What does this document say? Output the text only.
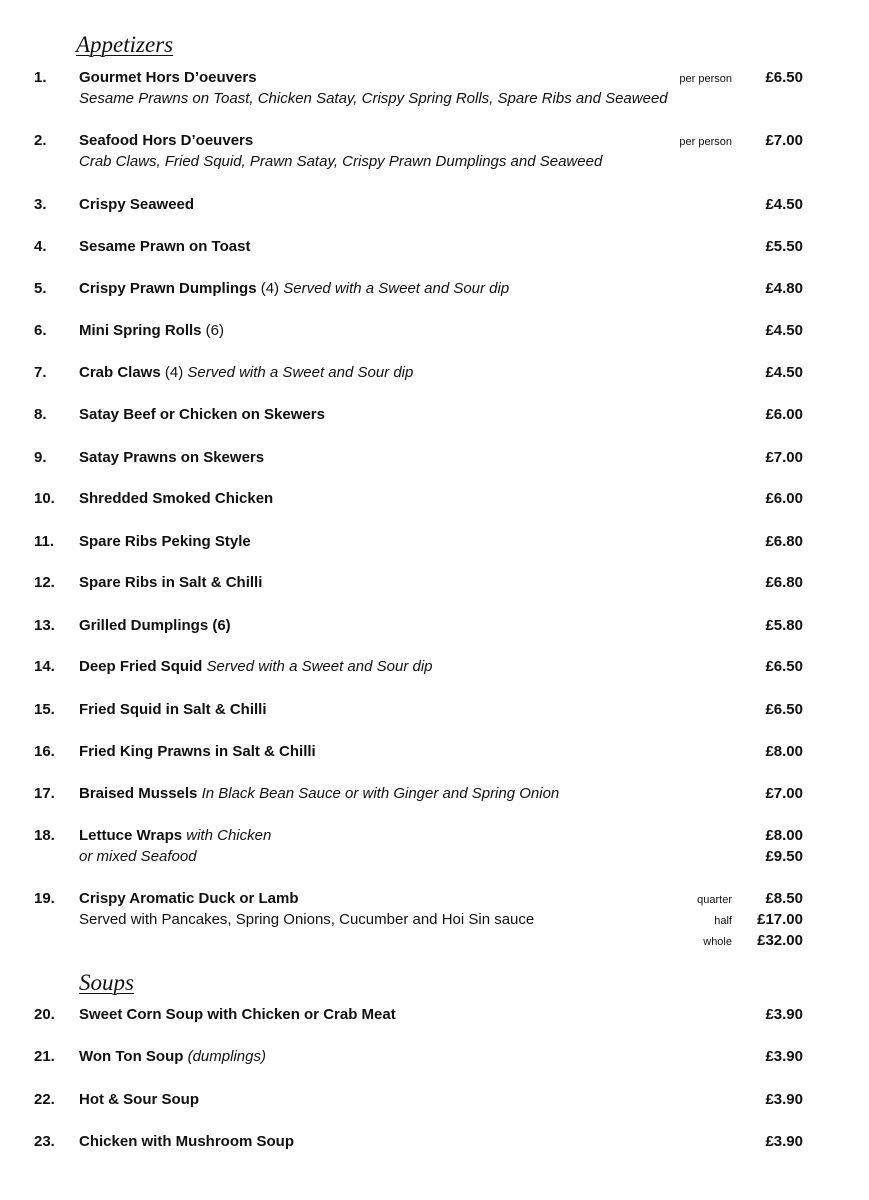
Appetizers
1. Gourmet Hors D’oeuvers
Sesame Prawns on Toast, Chicken Satay, Crispy Spring Rolls, Spare Ribs and Seaweed
per person £6.50
2. Seafood Hors D’oeuvers
Crab Claws, Fried Squid, Prawn Satay, Crispy Prawn Dumplings and Seaweed
per person £7.00
3. Crispy Seaweed	£4.50
4. Sesame Prawn on Toast	£5.50
5. Crispy Prawn Dumplings (4) Served with a Sweet and Sour dip	£4.80
6. Mini Spring Rolls (6)	£4.50
7. Crab Claws (4) Served with a Sweet and Sour dip	£4.50
8. Satay Beef or Chicken on Skewers	£6.00
9. Satay Prawns on Skewers	£7.00
10. Shredded Smoked Chicken	£6.00
11. Spare Ribs Peking Style	£6.80
12. Spare Ribs in Salt & Chilli	£6.80
13. Grilled Dumplings (6)	£5.80
14. Deep Fried Squid Served with a Sweet and Sour dip	£6.50
15. Fried Squid in Salt & Chilli	£6.50
16. Fried King Prawns in Salt & Chilli	£8.00
17. Braised Mussels In Black Bean Sauce or with Ginger and Spring Onion	£7.00
18. Lettuce Wraps with Chicken
or mixed Seafood
£8.00
£9.50
19. Crispy Aromatic Duck or Lamb
Served with Pancakes, Spring Onions, Cucumber and Hoi Sin sauce
quarter £8.50
half £17.00
whole £32.00
Soups
20. Sweet Corn Soup with Chicken or Crab Meat	£3.90
21. Won Ton Soup (dumplings)	£3.90
22. Hot & Sour Soup	£3.90
23. Chicken with Mushroom Soup	£3.90
